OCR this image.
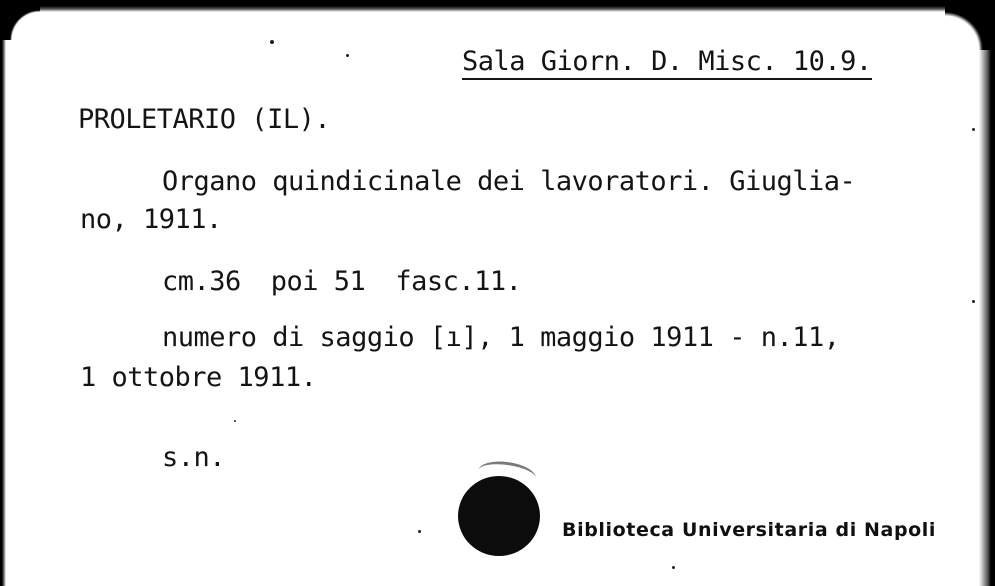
Sala Giorn. D. Misc. 10.9.
PROLETARIO (IL).
Organo quindicinale dei lavoratori. Giuglia-
no, 1911.
cm.36 poi 51 fasc.11.
numero di saggio [ı], 1 maggio 1911 - n.11,
1 ottobre 1911.
s.n.
Biblioteca Universitaria di Napoli
